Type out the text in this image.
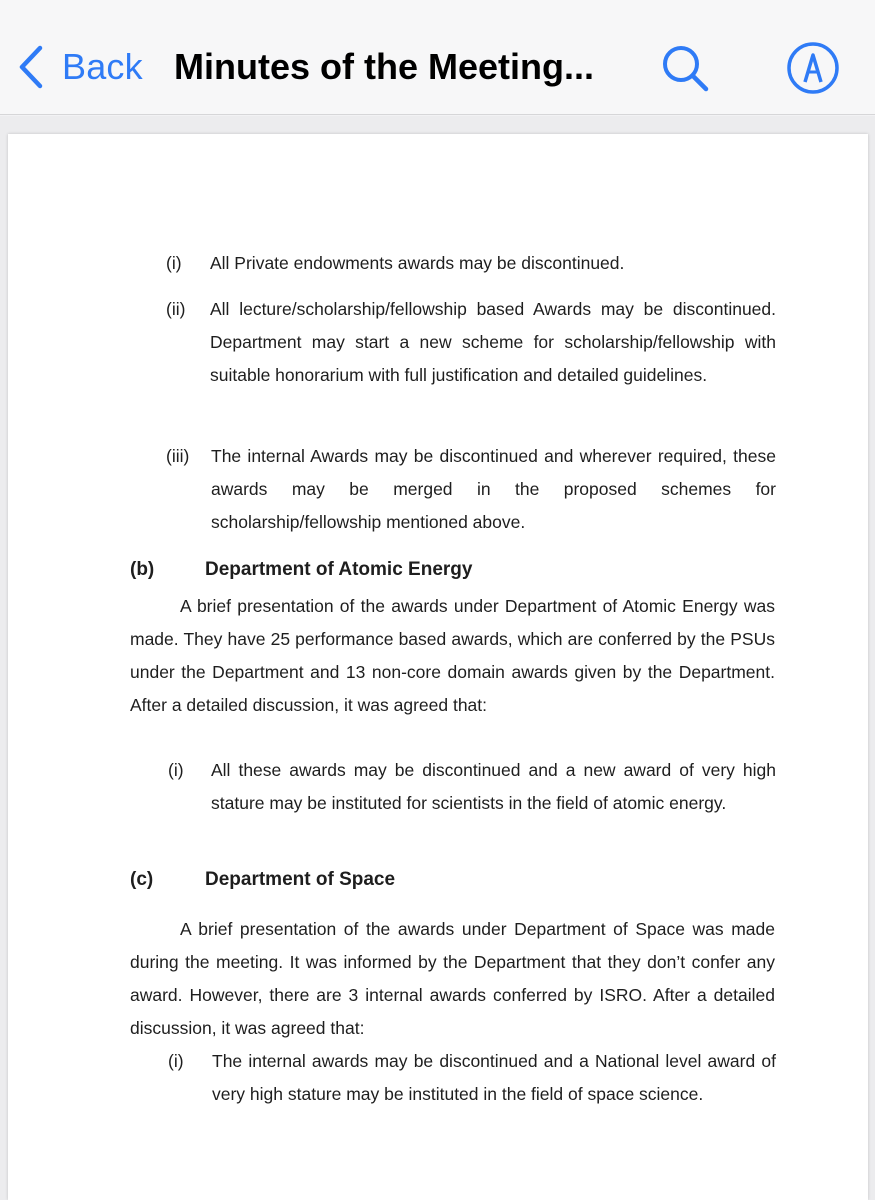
Back Minutes of the Meeting...
(i) All Private endowments awards may be discontinued.
(ii) All lecture/scholarship/fellowship based Awards may be discontinued. Department may start a new scheme for scholarship/fellowship with suitable honorarium with full justification and detailed guidelines.
(iii) The internal Awards may be discontinued and wherever required, these awards may be merged in the proposed schemes for scholarship/fellowship mentioned above.
(b)	Department of Atomic Energy
A brief presentation of the awards under Department of Atomic Energy was made. They have 25 performance based awards, which are conferred by the PSUs under the Department and 13 non-core domain awards given by the Department. After a detailed discussion, it was agreed that:
(i) All these awards may be discontinued and a new award of very high stature may be instituted for scientists in the field of atomic energy.
(c)	Department of Space
A brief presentation of the awards under Department of Space was made during the meeting. It was informed by the Department that they don’t confer any award. However, there are 3 internal awards conferred by ISRO. After a detailed discussion, it was agreed that:
(i) The internal awards may be discontinued and a National level award of very high stature may be instituted in the field of space science.
